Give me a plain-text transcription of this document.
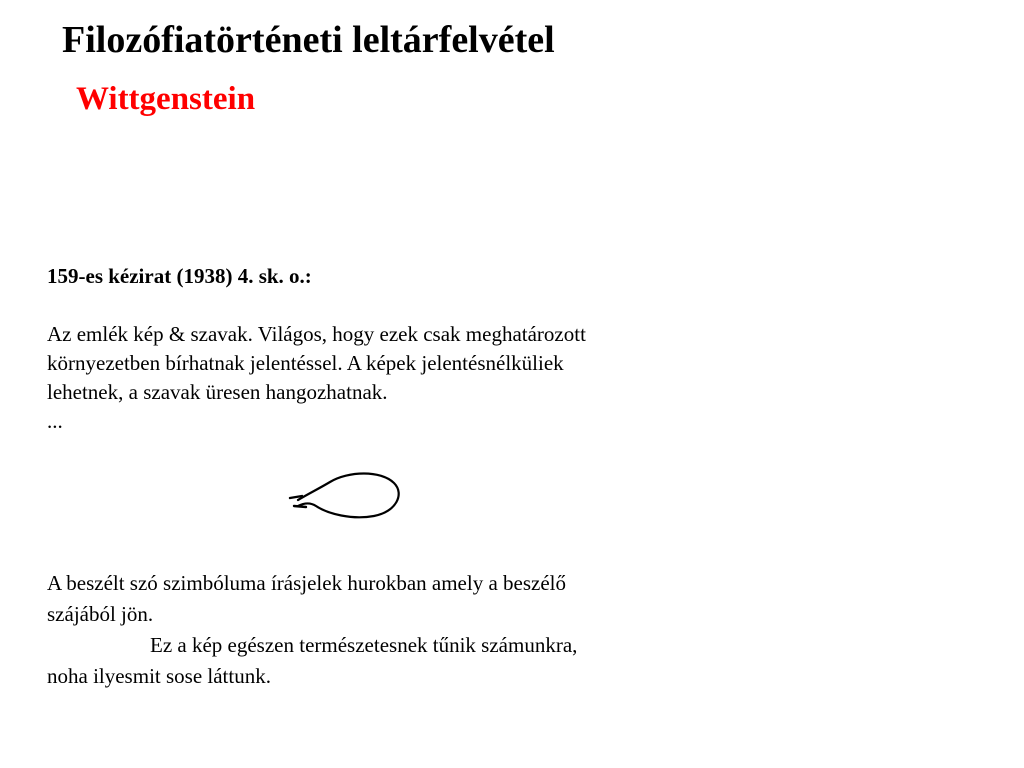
Filozófiatörténeti leltárfelvétel
Wittgenstein
159-es kézirat (1938) 4. sk. o.:
Az emlék kép & szavak. Világos, hogy ezek csak meghatározott
környezetben bírhatnak jelentéssel. A képek jelentésnélküliek
lehetnek, a szavak üresen hangozhatnak.
...
A beszélt szó szimbóluma írásjelek hurokban amely a beszélő
szájából jön.
Ez a kép egészen természetesnek tűnik számunkra,
noha ilyesmit sose láttunk.
